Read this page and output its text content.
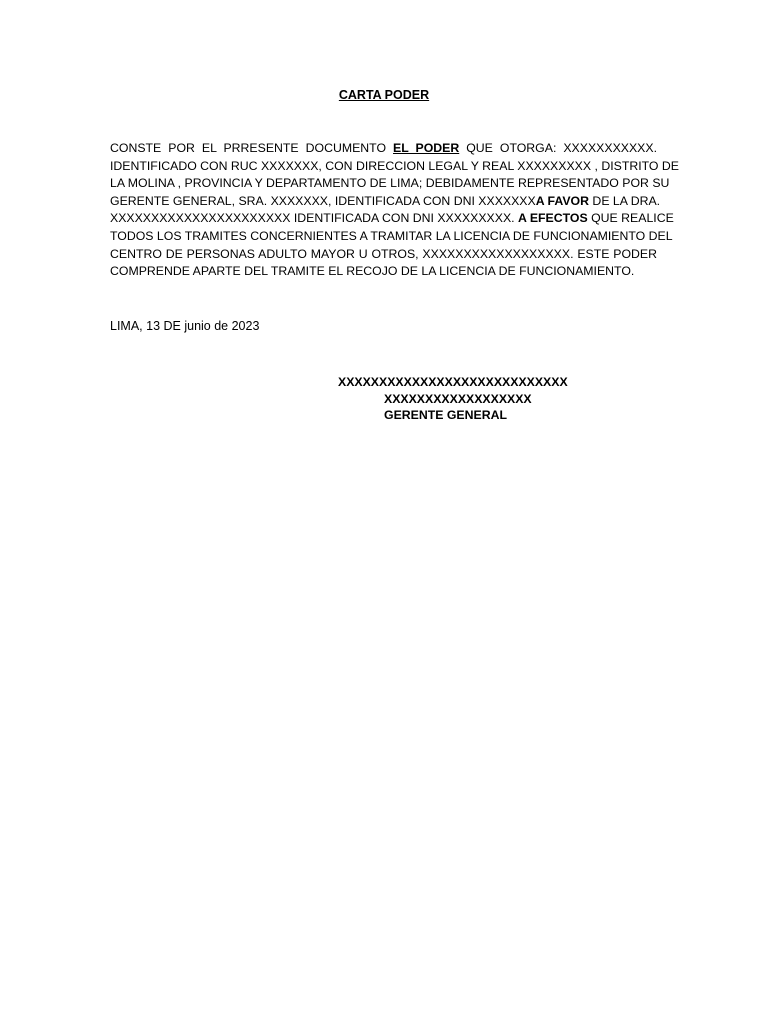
CARTA PODER
CONSTE POR EL PRRESENTE DOCUMENTO EL PODER QUE OTORGA: XXXXXXXXXXX.
IDENTIFICADO CON RUC XXXXXXX, CON DIRECCION LEGAL Y REAL XXXXXXXXX , DISTRITO DE
LA MOLINA , PROVINCIA Y DEPARTAMENTO DE LIMA; DEBIDAMENTE REPRESENTADO POR SU
GERENTE GENERAL, SRA. XXXXXXX, IDENTIFICADA CON DNI XXXXXXXA FAVOR DE LA DRA.
XXXXXXXXXXXXXXXXXXXXXX IDENTIFICADA CON DNI XXXXXXXXX. A EFECTOS QUE REALICE
TODOS LOS TRAMITES CONCERNIENTES A TRAMITAR LA LICENCIA DE FUNCIONAMIENTO DEL
CENTRO DE PERSONAS ADULTO MAYOR U OTROS, XXXXXXXXXXXXXXXXXX. ESTE PODER
COMPRENDE APARTE DEL TRAMITE EL RECOJO DE LA LICENCIA DE FUNCIONAMIENTO.
LIMA, 13 DE junio de 2023
XXXXXXXXXXXXXXXXXXXXXXXXXXXX
XXXXXXXXXXXXXXXXXX
GERENTE GENERAL
